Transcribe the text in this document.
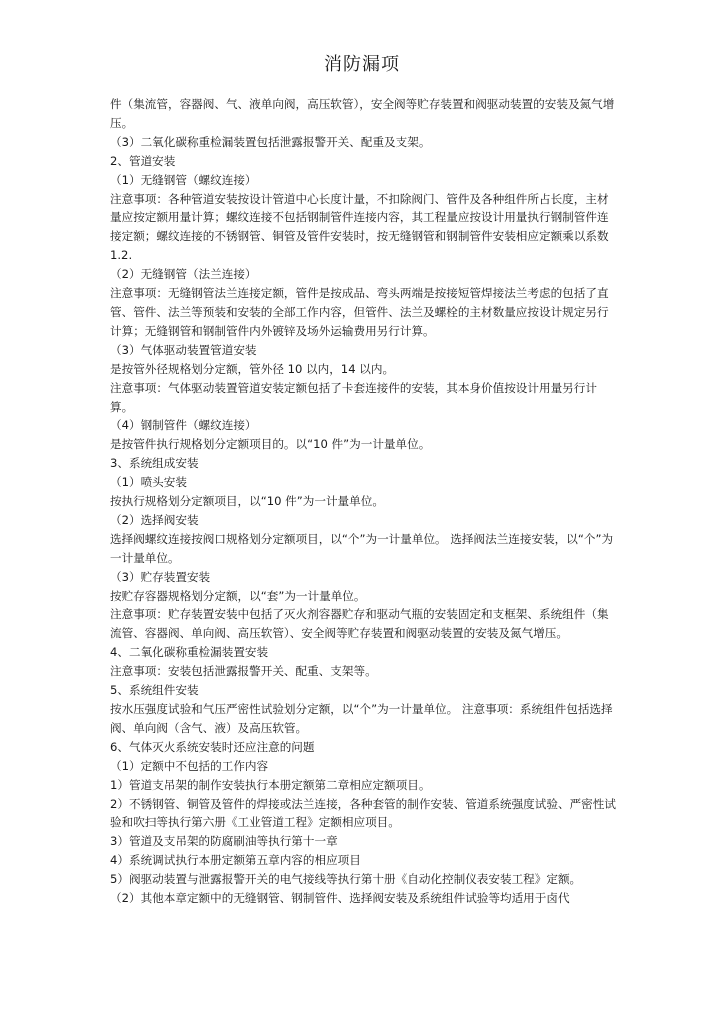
消防漏项

件（集流管，容器阀、气、液单向阀，高压软管），安全阀等贮存装置和阀驱动装置的安装及氮气增压。

（3）二氧化碳称重检漏装置包括泄露报警开关、配重及支架。

2、管道安装

（1）无缝钢管（螺纹连接）

注意事项：各种管道安装按设计管道中心长度计量，不扣除阀门、管件及各种组件所占长度，主材量应按定额用量计算；螺纹连接不包括钢制管件连接内容，其工程量应按设计用量执行钢制管件连接定额；螺纹连接的不锈钢管、铜管及管件安装时，按无缝钢管和钢制管件安装相应定额乘以系数 1.2.

（2）无缝钢管（法兰连接）

注意事项：无缝钢管法兰连接定额，管件是按成品、弯头两端是按接短管焊接法兰考虑的包括了直管、管件、法兰等预装和安装的全部工作内容，但管件、法兰及螺栓的主材数量应按设计规定另行计算；无缝钢管和钢制管件内外镀锌及场外运输费用另行计算。

（3）气体驱动装置管道安装

是按管外径规格划分定额，管外径 10 以内，14 以内。

注意事项：气体驱动装置管道安装定额包括了卡套连接件的安装，其本身价值按设计用量另行计算。

（4）钢制管件（螺纹连接）

是按管件执行规格划分定额项目的。以“10 件”为一计量单位。

3、系统组成安装

（1）喷头安装

按执行规格划分定额项目，以“10 件”为一计量单位。

（2）选择阀安装

选择阀螺纹连接按阀口规格划分定额项目，以“个”为一计量单位。 选择阀法兰连接安装，以“个”为一计量单位。

（3）贮存装置安装

按贮存容器规格划分定额，以“套”为一计量单位。

注意事项：贮存装置安装中包括了灭火剂容器贮存和驱动气瓶的安装固定和支框架、系统组件（集流管、容器阀、单向阀、高压软管）、安全阀等贮存装置和阀驱动装置的安装及氮气增压。

4、二氧化碳称重检漏装置安装

注意事项：安装包括泄露报警开关、配重、支架等。

5、系统组件安装

按水压强度试验和气压严密性试验划分定额，以“个”为一计量单位。 注意事项：系统组件包括选择阀、单向阀（含气、液）及高压软管。

6、气体灭火系统安装时还应注意的问题

（1）定额中不包括的工作内容

1）管道支吊架的制作安装执行本册定额第二章相应定额项目。

2）不锈钢管、铜管及管件的焊接或法兰连接，各种套管的制作安装、管道系统强度试验、严密性试验和吹扫等执行第六册《工业管道工程》定额相应项目。

3）管道及支吊架的防腐刷油等执行第十一章

4）系统调试执行本册定额第五章内容的相应项目

5）阀驱动装置与泄露报警开关的电气接线等执行第十册《自动化控制仪表安装工程》定额。

（2）其他本章定额中的无缝钢管、钢制管件、选择阀安装及系统组件试验等均适用于卤代
